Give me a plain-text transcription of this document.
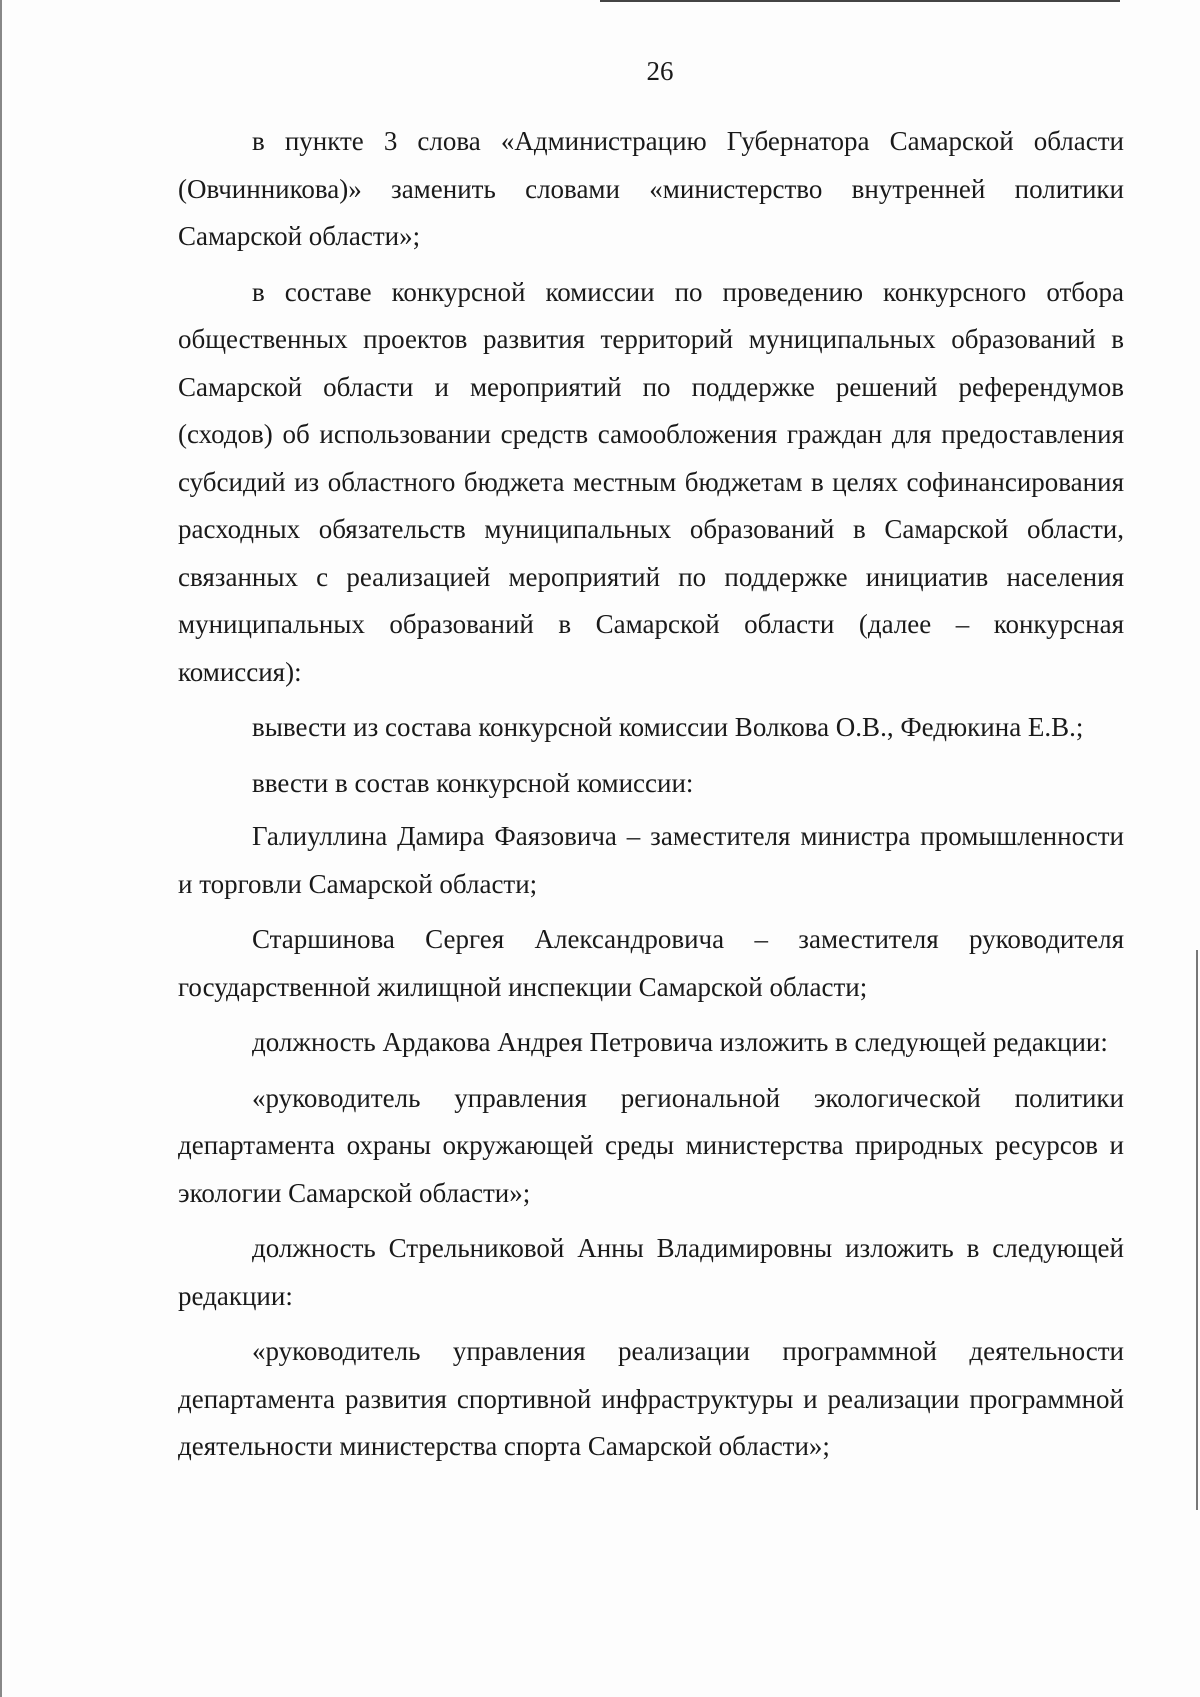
26

в пункте 3 слова «Администрацию Губернатора Самарской области (Овчинникова)» заменить словами «министерство внутренней политики Самарской области»;

в составе конкурсной комиссии по проведению конкурсного отбора общественных проектов развития территорий муниципальных образований в Самарской области и мероприятий по поддержке решений референдумов (сходов) об использовании средств самообложения граждан для предоставления субсидий из областного бюджета местным бюджетам в целях софинансирования расходных обязательств муниципальных образований в Самарской области, связанных с реализацией мероприятий по поддержке инициатив населения муниципальных образований в Самарской области (далее – конкурсная комиссия):

вывести из состава конкурсной комиссии Волкова О.В., Федюкина Е.В.;

ввести в состав конкурсной комиссии:

Галиуллина Дамира Фаязовича – заместителя министра промышленности и торговли Самарской области;

Старшинова Сергея Александровича – заместителя руководителя государственной жилищной инспекции Самарской области;

должность Ардакова Андрея Петровича изложить в следующей редакции:

«руководитель управления региональной экологической политики департамента охраны окружающей среды министерства природных ресурсов и экологии Самарской области»;

должность Стрельниковой Анны Владимировны изложить в следующей редакции:

«руководитель управления реализации программной деятельности департамента развития спортивной инфраструктуры и реализации программной деятельности министерства спорта Самарской области»;
